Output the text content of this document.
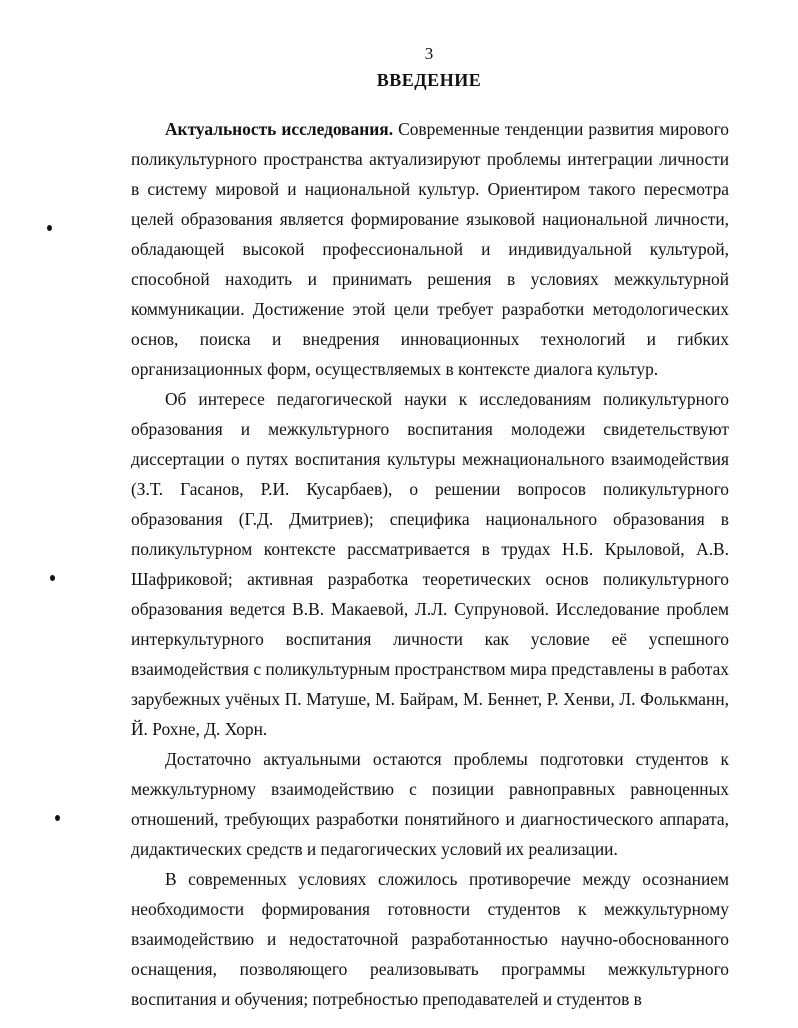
3
ВВЕДЕНИЕ

Актуальность исследования. Современные тенденции развития мирового поликультурного пространства актуализируют проблемы интеграции личности в систему мировой и национальной культур. Ориентиром такого пересмотра целей образования является формирование языковой национальной личности, обладающей высокой профессиональной и индивидуальной культурой, способной находить и принимать решения в условиях межкультурной коммуникации. Достижение этой цели требует разработки методологических основ, поиска и внедрения инновационных технологий и гибких организационных форм, осуществляемых в контексте диалога культур.

Об интересе педагогической науки к исследованиям поликультурного образования и межкультурного воспитания молодежи свидетельствуют диссертации о путях воспитания культуры межнационального взаимодействия (З.Т. Гасанов, Р.И. Кусарбаев), о решении вопросов поликультурного образования (Г.Д. Дмитриев); специфика национального образования в поликультурном контексте рассматривается в трудах Н.Б. Крыловой, А.В. Шафриковой; активная разработка теоретических основ поликультурного образования ведется В.В. Макаевой, Л.Л. Супруновой. Исследование проблем интеркультурного воспитания личности как условие её успешного взаимодействия с поликультурным пространством мира представлены в работах зарубежных учёных П. Матуше, М. Байрам, М. Беннет, Р. Хенви, Л. Фолькманн, Й. Рохне, Д. Хорн.

Достаточно актуальными остаются проблемы подготовки студентов к межкультурному взаимодействию с позиции равноправных равноценных отношений, требующих разработки понятийного и диагностического аппарата, дидактических средств и педагогических условий их реализации.

В современных условиях сложилось противоречие между осознанием необходимости формирования готовности студентов к межкультурному взаимодействию и недостаточной разработанностью научно-обоснованного оснащения, позволяющего реализовывать программы межкультурного воспитания и обучения; потребностью преподавателей и студентов в
